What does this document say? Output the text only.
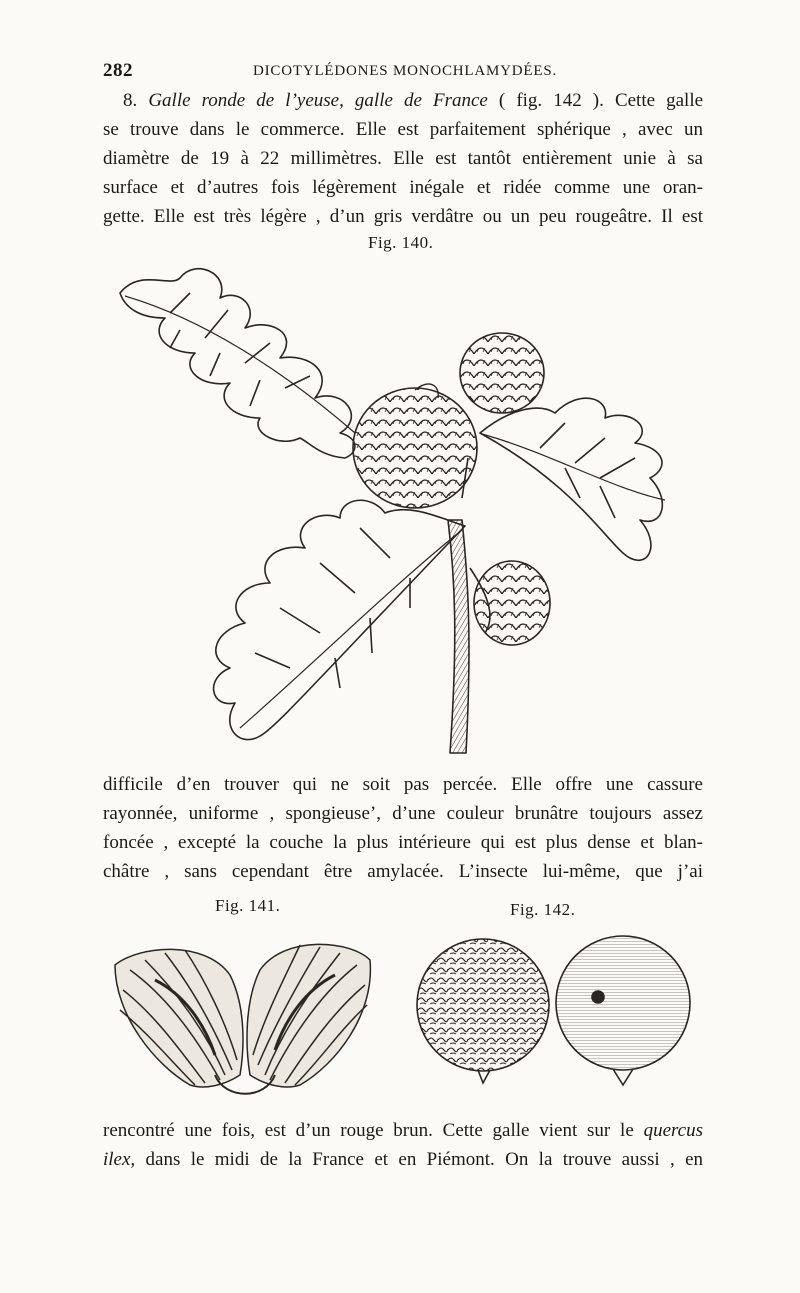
282	DICOTYLÉDONES MONOCHLAMYDÉES.
8. Galle ronde de l’yeuse, galle de France ( fig. 142 ). Cette galle
se trouve dans le commerce. Elle est parfaitement sphérique , avec un
diamètre de 19 à 22 millimètres. Elle est tantôt entièrement unie à sa
surface et d’autres fois légèrement inégale et ridée comme une oran-
gette. Elle est très légère , d’un gris verdâtre ou un peu rougeâtre. Il est
Fig. 140.
difficile d’en trouver qui ne soit pas percée. Elle offre une cassure
rayonnée, uniforme , spongieuse’, d’une couleur brunâtre toujours assez
foncée , excepté la couche la plus intérieure qui est plus dense et blan-
châtre , sans cependant être amylacée. L’insecte lui-même, que j’ai
Fig. 141.	Fig. 142.
rencontré une fois, est d’un rouge brun. Cette galle vient sur le quercus
ilex, dans le midi de la France et en Piémont. On la trouve aussi , en
